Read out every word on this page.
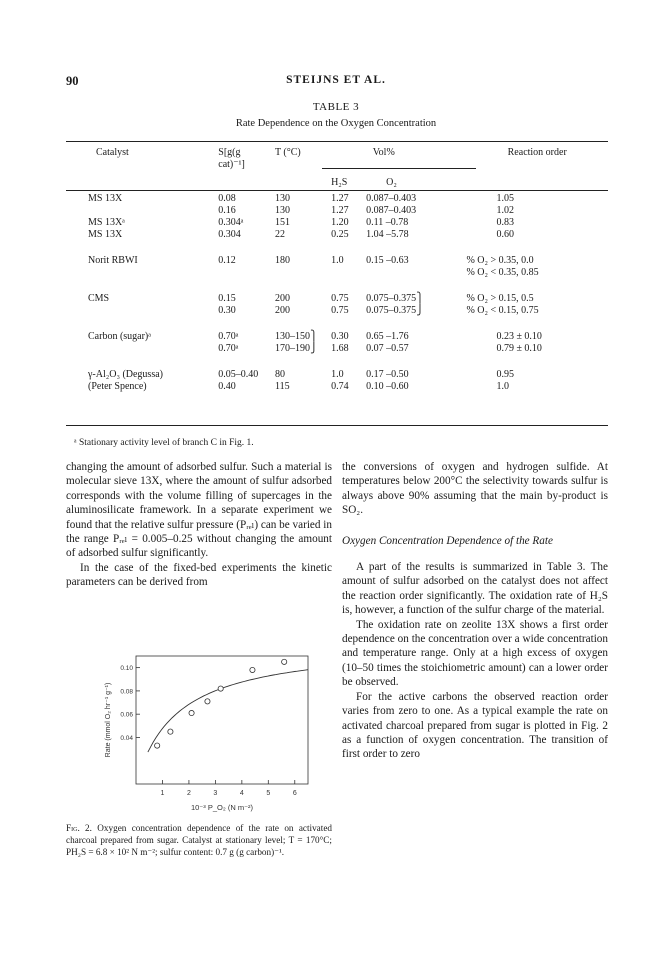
90	STEIJNS ET AL.
TABLE 3
Rate Dependence on the Oxygen Concentration
Catalyst	S[g(g
cat)⁻¹]	T (°C)	Vol%		Reaction order
			H₂S	O₂	
MS 13X	0.08	130	1.27	0.087–0.403	1.05
	0.16	130	1.27	0.087–0.403	1.02
MS 13Xᵃ	0.304ᵃ	151	1.20	0.11 –0.78	0.83
MS 13X	0.304	22	0.25	1.04 –5.78	0.60
Norit RBWI	0.12	180	1.0	0.15 –0.63	% O₂ > 0.35, 0.0
					% O₂ < 0.35, 0.85
CMS	0.15	200	0.75	0.075–0.375⎫	% O₂ > 0.15, 0.5
	0.30	200	0.75	0.075–0.375⎭	% O₂ < 0.15, 0.75
Carbon (sugar)ᵃ	0.70ᵃ	130–150⎫	0.30	0.65 –1.76	0.23 ± 0.10
	0.70ᵃ	170–190⎭	1.68	0.07 –0.57	0.79 ± 0.10
γ-Al₂O₃ (Degussa)	0.05–0.40	80	1.0	0.17 –0.50	0.95
(Peter Spence)	0.40	115	0.74	0.10 –0.60	1.0
ᵃ Stationary activity level of branch C in Fig. 1.

changing the amount of adsorbed sulfur. Such a material is molecular sieve 13X, where the amount of sulfur adsorbed corresponds with the volume filling of supercages in the aluminosilicate framework. In a separate experiment we found that the relative sulfur pressure (Pᵣₑₗ) can be varied in the range Pᵣₑₗ = 0.005–0.25 without changing the amount of adsorbed sulfur significantly.

In the case of the fixed-bed experiments the kinetic parameters can be derived from

1	2	3	4	5	6
0.04
0.06
0.08
0.10
10⁻³ P_O₂ (N m⁻²)
Rate (mmol O₂ hr⁻¹ g⁻¹)
Fig. 2. Oxygen concentration dependence of the rate on activated charcoal prepared from sugar. Catalyst at stationary level; T = 170°C; PH₂S = 6.8 × 10² N m⁻²; sulfur content: 0.7 g (g carbon)⁻¹.

the conversions of oxygen and hydrogen sulfide. At temperatures below 200°C the selectivity towards sulfur is always above 90% assuming that the main by-product is SO₂.

Oxygen Concentration Dependence of the Rate

A part of the results is summarized in Table 3. The amount of sulfur adsorbed on the catalyst does not affect the reaction order significantly. The oxidation rate of H₂S is, however, a function of the sulfur charge of the material.

The oxidation rate on zeolite 13X shows a first order dependence on the concentration over a wide concentration and temperature range. Only at a high excess of oxygen (10–50 times the stoichiometric amount) can a lower order be observed.

For the active carbons the observed reaction order varies from zero to one. As a typical example the rate on activated charcoal prepared from sugar is plotted in Fig. 2 as a function of oxygen concentration. The transition of first order to zero
